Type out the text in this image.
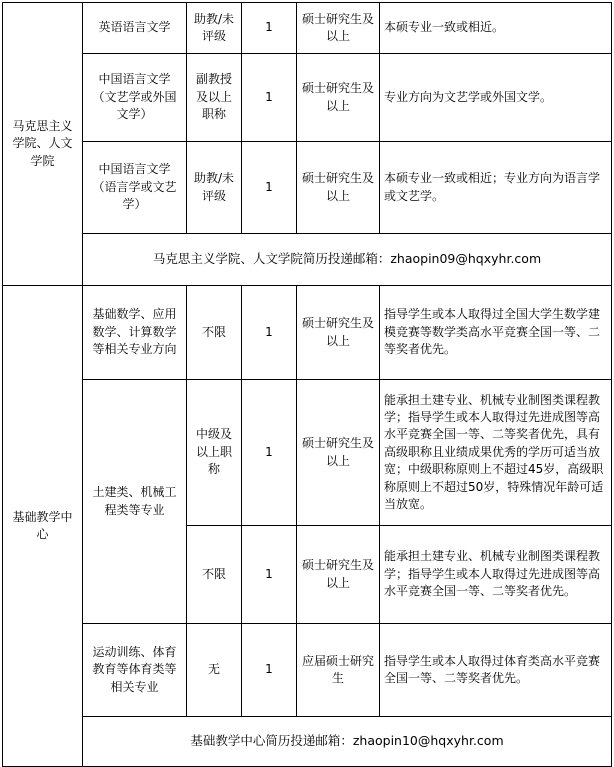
马克思主义学院、人文学院	英语语言文学	助教/未评级	1	硕士研究生及以上	本硕专业一致或相近。
	中国语言文学（文艺学或外国文学）	副教授及以上职称	1	硕士研究生及以上	专业方向为文艺学或外国文学。
	中国语言文学（语言学或文艺学）	助教/未评级	1	硕士研究生及以上	本硕专业一致或相近；专业方向为语言学或文艺学。
	马克思主义学院、人文学院简历投递邮箱：zhaopin09@hqxyhr.com				
基础教学中心	基础数学、应用数学、计算数学等相关专业方向	不限	1	硕士研究生及以上	指导学生或本人取得过全国大学生数学建模竞赛等数学类高水平竞赛全国一等、二等奖者优先。
	土建类、机械工程类等专业	中级及以上职称	1	硕士研究生及以上	能承担土建专业、机械专业制图类课程教学；指导学生或本人取得过先进成图等高水平竞赛全国一等、二等奖者优先，具有高级职称且业绩成果优秀的学历可适当放宽；中级职称原则上不超过45岁，高级职称原则上不超过50岁，特殊情况年龄可适当放宽。
		不限	1	硕士研究生及以上	能承担土建专业、机械专业制图类课程教学；指导学生或本人取得过先进成图等高水平竞赛全国一等、二等奖者优先。
	运动训练、体育教育等体育类等相关专业	无	1	应届硕士研究生	指导学生或本人取得过体育类高水平竞赛全国一等、二等奖者优先。
	基础教学中心简历投递邮箱：zhaopin10@hqxyhr.com				
